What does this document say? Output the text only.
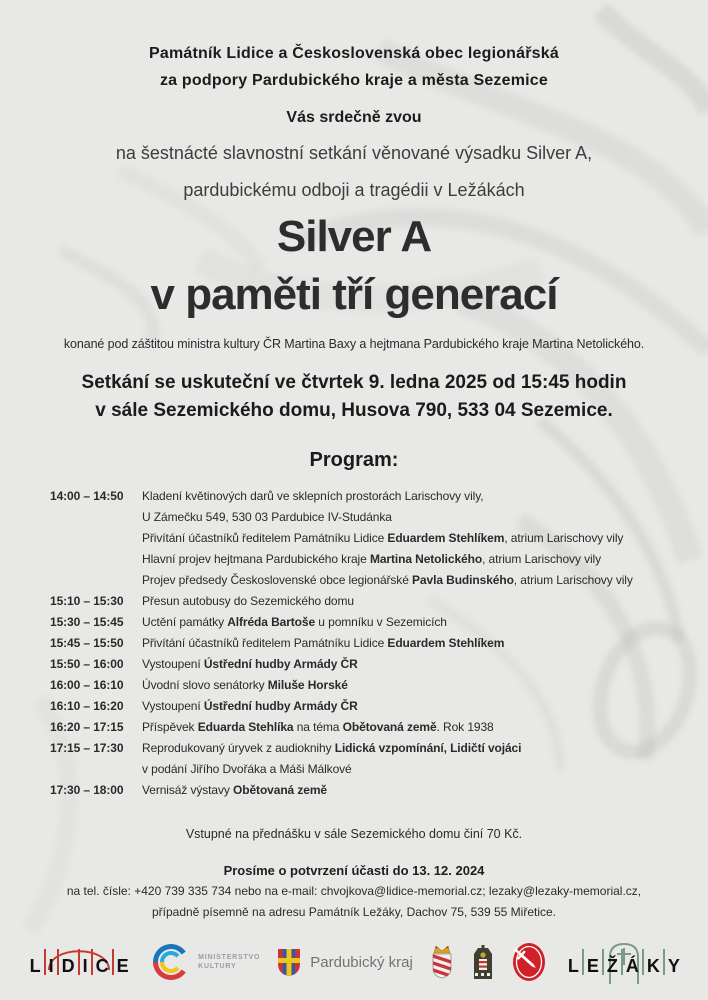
Památník Lidice a Československá obec legionářská
za podpory Pardubického kraje a města Sezemice
Vás srdečně zvou
na šestnácté slavnostní setkání věnované výsadku Silver A,
pardubickému odboji a tragédii v Ležákách
Silver A
v paměti tří generací
konané pod záštitou ministra kultury ČR Martina Baxy a hejtmana Pardubického kraje Martina Netolického.
Setkání se uskuteční ve čtvrtek 9. ledna 2025 od 15:45 hodin
v sále Sezemického domu, Husova 790, 533 04 Sezemice.
Program:
14:00 – 14:50	Kladení květinových darů ve sklepních prostorách Larischovy vily,
U Zámečku 549, 530 03 Pardubice IV-Studánka
Přivítání účastníků ředitelem Památníku Lidice Eduardem Stehlíkem, atrium Larischovy vily
Hlavní projev hejtmana Pardubického kraje Martina Netolického, atrium Larischovy vily
Projev předsedy Československé obce legionářské Pavla Budinského, atrium Larischovy vily
15:10 – 15:30	Přesun autobusy do Sezemického domu
15:30 – 15:45	Uctění památky Alfréda Bartoše u pomníku v Sezemicích
15:45 – 15:50	Přivítání účastníků ředitelem Památníku Lidice Eduardem Stehlíkem
15:50 – 16:00	Vystoupení Ústřední hudby Armády ČR
16:00 – 16:10	Úvodní slovo senátorky Miluše Horské
16:10 – 16:20	Vystoupení Ústřední hudby Armády ČR
16:20 – 17:15	Příspěvek Eduarda Stehlíka na téma Obětovaná země. Rok 1938
17:15 – 17:30	Reprodukovaný úryvek z audioknihy Lidická vzpomínání, Lidičtí vojáci
v podání Jiřího Dvořáka a Máši Málkové
17:30 – 18:00	Vernisáž výstavy Obětovaná země
Vstupné na přednášku v sále Sezemického domu činí 70 Kč.
Prosíme o potvrzení účasti do 13. 12. 2024
na tel. čísle: +420 739 335 734 nebo na e-mail: chvojkova@lidice-memorial.cz; lezaky@lezaky-memorial.cz,
případně písemně na adresu Památník Ležáky, Dachov 75, 539 55 Miřetice.
L I D I C E	MINISTERSTVO
KULTURY	Pardubický kraj	L E Ž Á K Y
